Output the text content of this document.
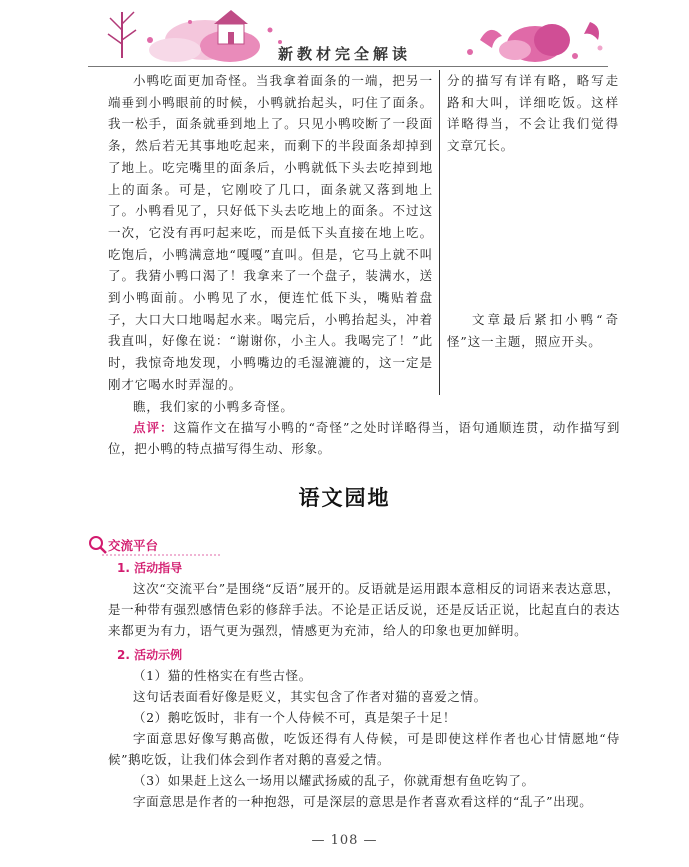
新教材完全解读

小鸭吃面更加奇怪。当我拿着面条的一端，把另一端垂到小鸭眼前的时候，小鸭就抬起头，叼住了面条。我一松手，面条就垂到地上了。只见小鸭咬断了一段面条，然后若无其事地吃起来，而剩下的半段面条却掉到了地上。吃完嘴里的面条后，小鸭就低下头去吃掉到地上的面条。可是，它刚咬了几口，面条就又落到地上了。小鸭看见了，只好低下头去吃地上的面条。不过这一次，它没有再叼起来吃，而是低下头直接在地上吃。吃饱后，小鸭满意地“嘎嘎”直叫。但是，它马上就不叫了。我猜小鸭口渴了！我拿来了一个盘子，装满水，送到小鸭面前。小鸭见了水，便连忙低下头，嘴贴着盘子，大口大口地喝起水来。喝完后，小鸭抬起头，冲着我直叫，好像在说：“谢谢你，小主人。我喝完了！”此时，我惊奇地发现，小鸭嘴边的毛湿漉漉的，这一定是刚才它喝水时弄湿的。

瞧，我们家的小鸭多奇怪。

分的描写有详有略，略写走路和大叫，详细吃饭。这样详略得当，不会让我们觉得文章冗长。

文章最后紧扣小鸭“奇怪”这一主题，照应开头。

点评：这篇作文在描写小鸭的“奇怪”之处时详略得当，语句通顺连贯，动作描写到位，把小鸭的特点描写得生动、形象。

语文园地
交流平台
1. 活动指导

这次“交流平台”是围绕“反语”展开的。反语就是运用跟本意相反的词语来表达意思，是一种带有强烈感情色彩的修辞手法。不论是正话反说，还是反话正说，比起直白的表达来都更为有力，语气更为强烈，情感更为充沛，给人的印象也更加鲜明。

2. 活动示例

（1）猫的性格实在有些古怪。

这句话表面看好像是贬义，其实包含了作者对猫的喜爱之情。

（2）鹅吃饭时，非有一个人侍候不可，真是架子十足！

字面意思好像写鹅高傲，吃饭还得有人侍候，可是即使这样作者也心甘情愿地“侍候”鹅吃饭，让我们体会到作者对鹅的喜爱之情。

（3）如果赶上这么一场用以耀武扬威的乱子，你就甭想有鱼吃钩了。

字面意思是作者的一种抱怨，可是深层的意思是作者喜欢看这样的“乱子”出现。

— 108 —
